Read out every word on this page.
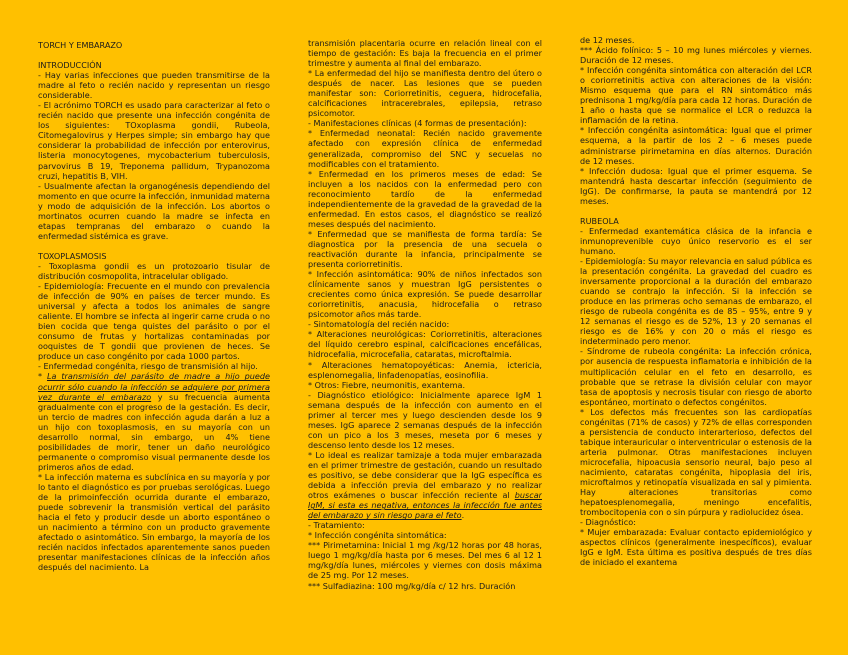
TORCH Y EMBARAZO

INTRODUCCIÓN

- Hay varias infecciones que pueden transmitirse de la madre al feto o recién nacido y representan un riesgo considerable.

- El acrónimo TORCH es usado para caracterizar al feto o recién nacido que presente una infección congénita de los siguientes: TOxoplasma gondii, Rubeola, Citomegalovirus y Herpes simple; sin embargo hay que considerar la probabilidad de infección por enterovirus, listeria monocytogenes, mycobacterium tuberculosis, parvovirus B 19, Treponema pallidum, Trypanozoma cruzi, hepatitis B, VIH.

- Usualmente afectan la organogénesis dependiendo del momento en que ocurre la infección, inmunidad materna y modo de adquisición de la infección. Los abortos o mortinatos ocurren cuando la madre se infecta en etapas tempranas del embarazo o cuando la enfermedad sistémica es grave.

TOXOPLASMOSIS

- Toxoplasma gondii es un protozoario tisular de distribución cosmopolita, intracelular obligado.

- Epidemiología: Frecuente en el mundo con prevalencia de infección de 90% en países de tercer mundo. Es universal y afecta a todos los animales de sangre caliente. El hombre se infecta al ingerir carne cruda o no bien cocida que tenga quistes del parásito o por el consumo de frutas y hortalizas contaminadas por ooquistes de T gondii que provienen de heces. Se produce un caso congénito por cada 1000 partos.

- Enfermedad congénita, riesgo de transmisión al hijo.

* La transmisión del parásito de madre a hijo puede ocurrir sólo cuando la infección se adquiere por primera vez durante el embarazo y su frecuencia aumenta gradualmente con el progreso de la gestación. Es decir, un tercio de madres con infección aguda darán a luz a un hijo con toxoplasmosis, en su mayoría con un desarrollo normal, sin embargo, un 4% tiene posibilidades de morir, tener un daño neurológico permanente o compromiso visual permanente desde los primeros años de edad.

* La infección materna es subclínica en su mayoría y por lo tanto el diagnóstico es por pruebas serológicas. Luego de la primoinfección ocurrida durante el embarazo, puede sobrevenir la transmisión vertical del parásito hacia el feto y producir desde un aborto espontáneo o un nacimiento a término con un producto gravemente afectado o asintomático. Sin embargo, la mayoría de los recién nacidos infectados aparentemente sanos pueden presentar manifestaciones clínicas de la infección años después del nacimiento. La

transmisión placentaria ocurre en relación lineal con el tiempo de gestación: Es baja la frecuencia en el primer trimestre y aumenta al final del embarazo.

* La enfermedad del hijo se manifiesta dentro del útero o después de nacer. Las lesiones que se pueden manifestar son: Coriorretinitis, ceguera, hidrocefalia, calcificaciones intracerebrales, epilepsia, retraso psicomotor.

- Manifestaciones clínicas (4 formas de presentación):

* Enfermedad neonatal: Recién nacido gravemente afectado con expresión clínica de enfermedad generalizada, compromiso del SNC y secuelas no modificables con el tratamiento.

* Enfermedad en los primeros meses de edad: Se incluyen a los nacidos con la enfermedad pero con reconocimiento tardío de la enfermedad independientemente de la gravedad de la gravedad de la enfermedad. En estos casos, el diagnóstico se realizó meses después del nacimiento.

* Enfermedad que se manifiesta de forma tardía: Se diagnostica por la presencia de una secuela o reactivación durante la infancia, principalmente se presenta coriorretinitis.

* Infección asintomática: 90% de niños infectados son clínicamente sanos y muestran IgG persistentes o crecientes como única expresión. Se puede desarrollar coriorretinitis, anacusia, hidrocefalia o retraso psicomotor años más tarde.

- Sintomatología del recién nacido:

* Alteraciones neurológicas: Coriorretinitis, alteraciones del líquido cerebro espinal, calcificaciones encefálicas, hidrocefalia, microcefalia, cataratas, microftalmia.

* Alteraciones hematopoyéticas: Anemia, ictericia, esplenomegalia, linfadenopatías, eosinofilia.

* Otros: Fiebre, neumonitis, exantema.

- Diagnóstico etiológico: Inicialmente aparece IgM 1 semana después de la infección con aumento en el primer al tercer mes y luego descienden desde los 9 meses. IgG aparece 2 semanas después de la infección con un pico a los 3 meses, meseta por 6 meses y descenso lento desde los 12 meses.

* Lo ideal es realizar tamizaje a toda mujer embarazada en el primer trimestre de gestación, cuando un resultado es positivo, se debe considerar que la IgG específica es debida a infección previa del embarazo y no realizar otros exámenes o buscar infección reciente al buscar IgM, si esta es negativa, entonces la infección fue antes del embarazo y sin riesgo para el feto.

- Tratamiento:

* Infección congénita sintomática:

*** Pirimetamina: Inicial 1 mg /kg/12 horas por 48 horas, luego 1 mg/kg/día hasta por 6 meses. Del mes 6 al 12 1 mg/kg/día lunes, miércoles y viernes con dosis máxima de 25 mg. Por 12 meses.

*** Sulfadiazina: 100 mg/kg/día c/ 12 hrs. Duración

de 12 meses.

*** Ácido folínico: 5 – 10 mg lunes miércoles y viernes. Duración de 12 meses.

* Infección congénita sintomática con alteración del LCR o coriorretinitis activa con alteraciones de la visión: Mismo esquema que para el RN sintomático más prednisona 1 mg/kg/día para cada 12 horas. Duración de 1 año o hasta que se normalice el LCR o reduzca la inflamación de la retina.

* Infección congénita asintomática: Igual que el primer esquema, a la partir de los 2 – 6 meses puede administrarse pirimetamina en días alternos. Duración de 12 meses.

* Infección dudosa: Igual que el primer esquema. Se mantendrá hasta descartar infección (seguimiento de IgG). De confirmarse, la pauta se mantendrá por 12 meses.

RUBEOLA

- Enfermedad exantemática clásica de la infancia e inmunoprevenible cuyo único reservorio es el ser humano.

- Epidemiología: Su mayor relevancia en salud pública es la presentación congénita. La gravedad del cuadro es inversamente proporcional a la duración del embarazo cuando se contrajo la infección. Si la infección se produce en las primeras ocho semanas de embarazo, el riesgo de rubeola congénita es de 85 – 95%, entre 9 y 12 semanas el riesgo es de 52%, 13 y 20 semanas el riesgo es de 16% y con 20 o más el riesgo es indeterminado pero menor.

- Síndrome de rubeola congénita: La infección crónica, por ausencia de respuesta inflamatoria e inhibición de la multiplicación celular en el feto en desarrollo, es probable que se retrase la división celular con mayor tasa de apoptosis y necrosis tisular con riesgo de aborto espontáneo, mortinato o defectos congénitos.

* Los defectos más frecuentes son las cardiopatías congénitas (71% de casos) y 72% de ellas corresponden a persistencia de conducto interarterioso, defectos del tabique interauricular o interventricular o estenosis de la arteria pulmonar. Otras manifestaciones incluyen microcefalia, hipoacusia sensorio neural, bajo peso al nacimiento, cataratas congénita, hipoplasia del iris, microftalmos y retinopatía visualizada en sal y pimienta. Hay alteraciones transitorias como hepatoesplenomegalia, meningo encefalitis, trombocitopenia con o sin púrpura y radiolucidez ósea.

- Diagnóstico:

* Mujer embarazada: Evaluar contacto epidemiológico y aspectos clínicos (generalmente inespecíficos), evaluar IgG e IgM. Esta última es positiva después de tres días de iniciado el exantema
